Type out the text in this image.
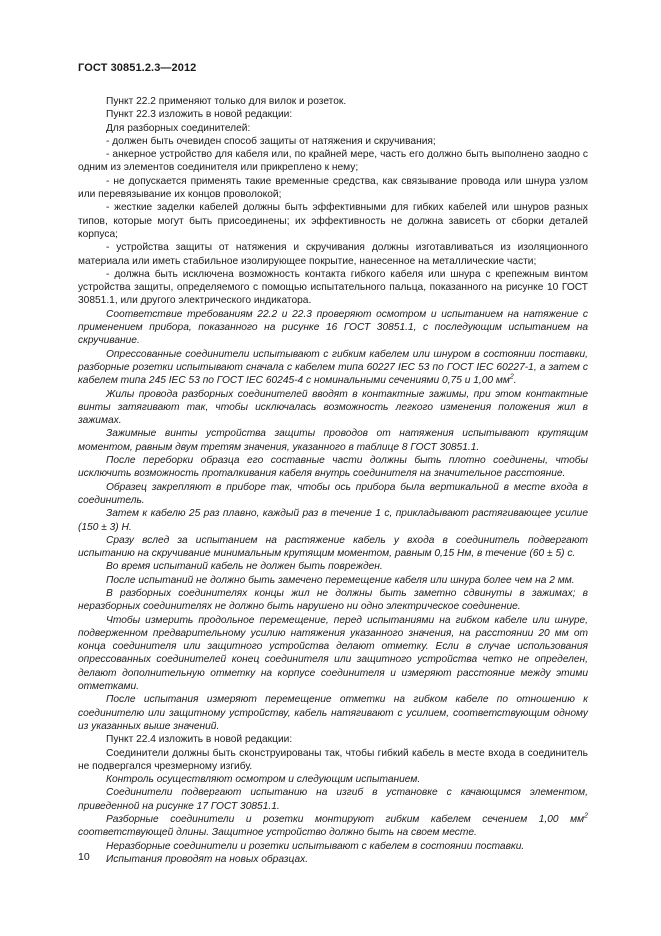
ГОСТ 30851.2.3—2012

Пункт 22.2 применяют только для вилок и розеток.

Пункт 22.3 изложить в новой редакции:

Для разборных соединителей:

- должен быть очевиден способ защиты от натяжения и скручивания;

- анкерное устройство для кабеля или, по крайней мере, часть его должно быть выполнено заодно с одним из элементов соединителя или прикреплено к нему;

- не допускается применять такие временные средства, как связывание провода или шнура узлом или перевязывание их концов проволокой;

- жесткие заделки кабелей должны быть эффективными для гибких кабелей или шнуров разных типов, которые могут быть присоединены; их эффективность не должна зависеть от сборки деталей корпуса;

- устройства защиты от натяжения и скручивания должны изготавливаться из изоляционного материала или иметь стабильное изолирующее покрытие, нанесенное на металлические части;

- должна быть исключена возможность контакта гибкого кабеля или шнура с крепежным винтом устройства защиты, определяемого с помощью испытательного пальца, показанного на рисунке 10 ГОСТ 30851.1, или другого электрического индикатора.

Соответствие требованиям 22.2 и 22.3 проверяют осмотром и испытанием на натяжение с применением прибора, показанного на рисунке 16 ГОСТ 30851.1, с последующим испытанием на скручивание.

Опрессованные соединители испытывают с гибким кабелем или шнуром в состоянии поставки, разборные розетки испытывают сначала с кабелем типа 60227 IEC 53 по ГОСТ IEC 60227-1, а затем с кабелем типа 245 IEC 53 по ГОСТ IEC 60245-4 с номинальными сечениями 0,75 и 1,00 $мм^2$.

Жилы провода разборных соединителей вводят в контактные зажимы, при этом контактные винты затягивают так, чтобы исключалась возможность легкого изменения положения жил в зажимах.

Зажимные винты устройства защиты проводов от натяжения испытывают крутящим моментом, равным двум третям значения, указанного в таблице 8 ГОСТ 30851.1.

После переборки образца его составные части должны быть плотно соединены, чтобы исключить возможность проталкивания кабеля внутрь соединителя на значительное расстояние.

Образец закрепляют в приборе так, чтобы ось прибора была вертикальной в месте входа в соединитель.

Затем к кабелю 25 раз плавно, каждый раз в течение 1 с, прикладывают растягивающее усилие (150 ± 3) Н.

Сразу вслед за испытанием на растяжение кабель у входа в соединитель подвергают испытанию на скручивание минимальным крутящим моментом, равным 0,15 Нм, в течение (60 ± 5) с.

Во время испытаний кабель не должен быть поврежден.

После испытаний не должно быть замечено перемещение кабеля или шнура более чем на 2 мм.

В разборных соединителях концы жил не должны быть заметно сдвинуты в зажимах; в неразборных соединителях не должно быть нарушено ни одно электрическое соединение.

Чтобы измерить продольное перемещение, перед испытаниями на гибком кабеле или шнуре, подверженном предварительному усилию натяжения указанного значения, на расстоянии 20 мм от конца соединителя или защитного устройства делают отметку. Если в случае использования опрессованных соединителей конец соединителя или защитного устройства четко не определен, делают дополнительную отметку на корпусе соединителя и измеряют расстояние между этими отметками.

После испытания измеряют перемещение отметки на гибком кабеле по отношению к соединителю или защитному устройству, кабель натягивают с усилием, соответствующим одному из указанных выше значений.

Пункт 22.4 изложить в новой редакции:

Соединители должны быть сконструированы так, чтобы гибкий кабель в месте входа в соединитель не подвергался чрезмерному изгибу.

Контроль осуществляют осмотром и следующим испытанием.

Соединители подвергают испытанию на изгиб в установке с качающимся элементом, приведенной на рисунке 17 ГОСТ 30851.1.

Разборные соединители и розетки монтируют гибким кабелем сечением 1,00 $мм^2$ соответствующей длины. Защитное устройство должно быть на своем месте.

Неразборные соединители и розетки испытывают с кабелем в состоянии поставки.

Испытания проводят на новых образцах.

10
